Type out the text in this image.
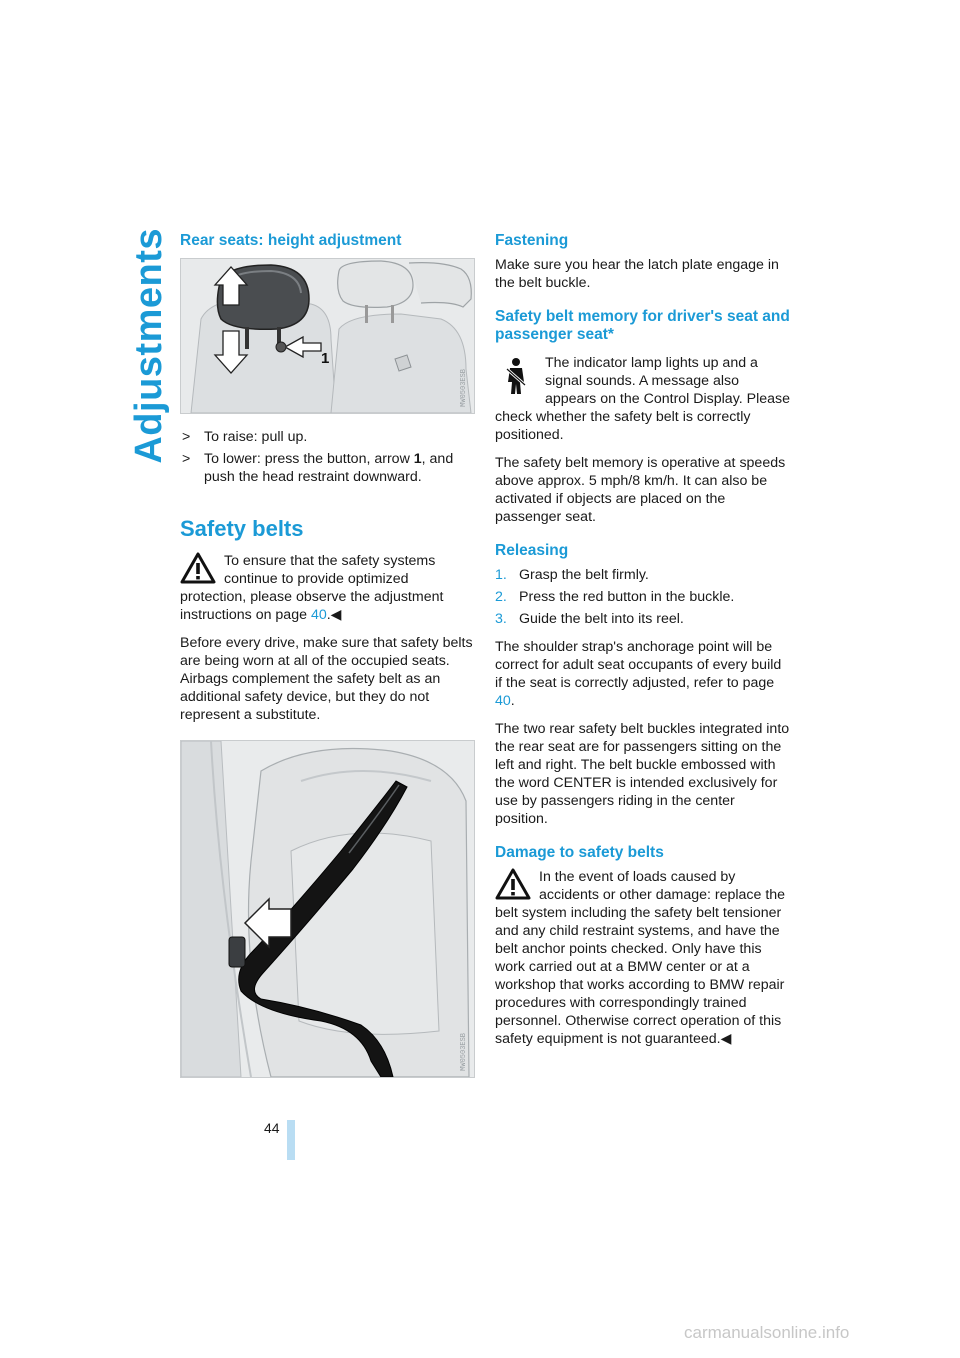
Adjustments Rear seats: height adjustment
1
MW0503ESB
> To raise: pull up.
> To lower: press the button, arrow 1, and push the head restraint downward.
Safety belts

To ensure that the safety systems continue to provide optimized protection, please observe the adjustment instructions on page 40.◀

Before every drive, make sure that safety belts are being worn at all of the occupied seats. Airbags complement the safety belt as an additional safety device, but they do not represent a substitute.

MW0503ESB
Fastening

Make sure you hear the latch plate engage in the belt buckle.

Safety belt memory for driver's seat and passenger seat*

The indicator lamp lights up and a signal sounds. A message also appears on the Control Display. Please check whether the safety belt is correctly positioned.

The safety belt memory is operative at speeds above approx. 5 mph/8 km/h. It can also be activated if objects are placed on the passenger seat.

Releasing
1. Grasp the belt firmly.
2. Press the red button in the buckle.
3. Guide the belt into its reel.

The shoulder strap's anchorage point will be correct for adult seat occupants of every build if the seat is correctly adjusted, refer to page 40.

The two rear safety belt buckles integrated into the rear seat are for passengers sitting on the left and right. The belt buckle embossed with the word CENTER is intended exclusively for use by passengers riding in the center position.

Damage to safety belts

In the event of loads caused by accidents or other damage: replace the belt system including the safety belt tensioner and any child restraint systems, and have the belt anchor points checked. Only have this work carried out at a BMW center or at a workshop that works according to BMW repair procedures with correspondingly trained personnel. Otherwise correct operation of this safety equipment is not guaranteed.◀

44
carmanualsonline.info
